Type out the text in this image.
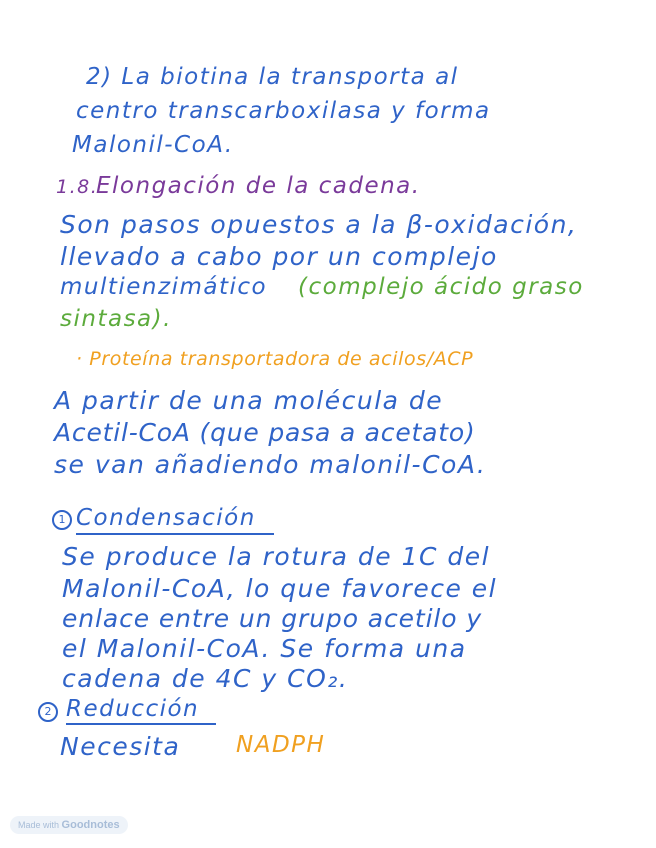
2) La biotina la transporta al
centro transcarboxilasa y forma
Malonil-CoA.
1.8.
Elongación de la cadena.
Son pasos opuestos a la β-oxidación,
llevado a cabo por un complejo
multienzimático (complejo ácido graso
sintasa).
· Proteína transportadora de acilos/ACP
A partir de una molécula de
Acetil-CoA (que pasa a acetato)
se van añadiendo malonil-CoA.
1 Condensación
Se produce la rotura de 1C del
Malonil-CoA, lo que favorece el
enlace entre un grupo acetilo y
el Malonil-CoA. Se forma una
cadena de 4C y CO₂.
2 Reducción
Necesita NADPH
Made with Goodnotes
